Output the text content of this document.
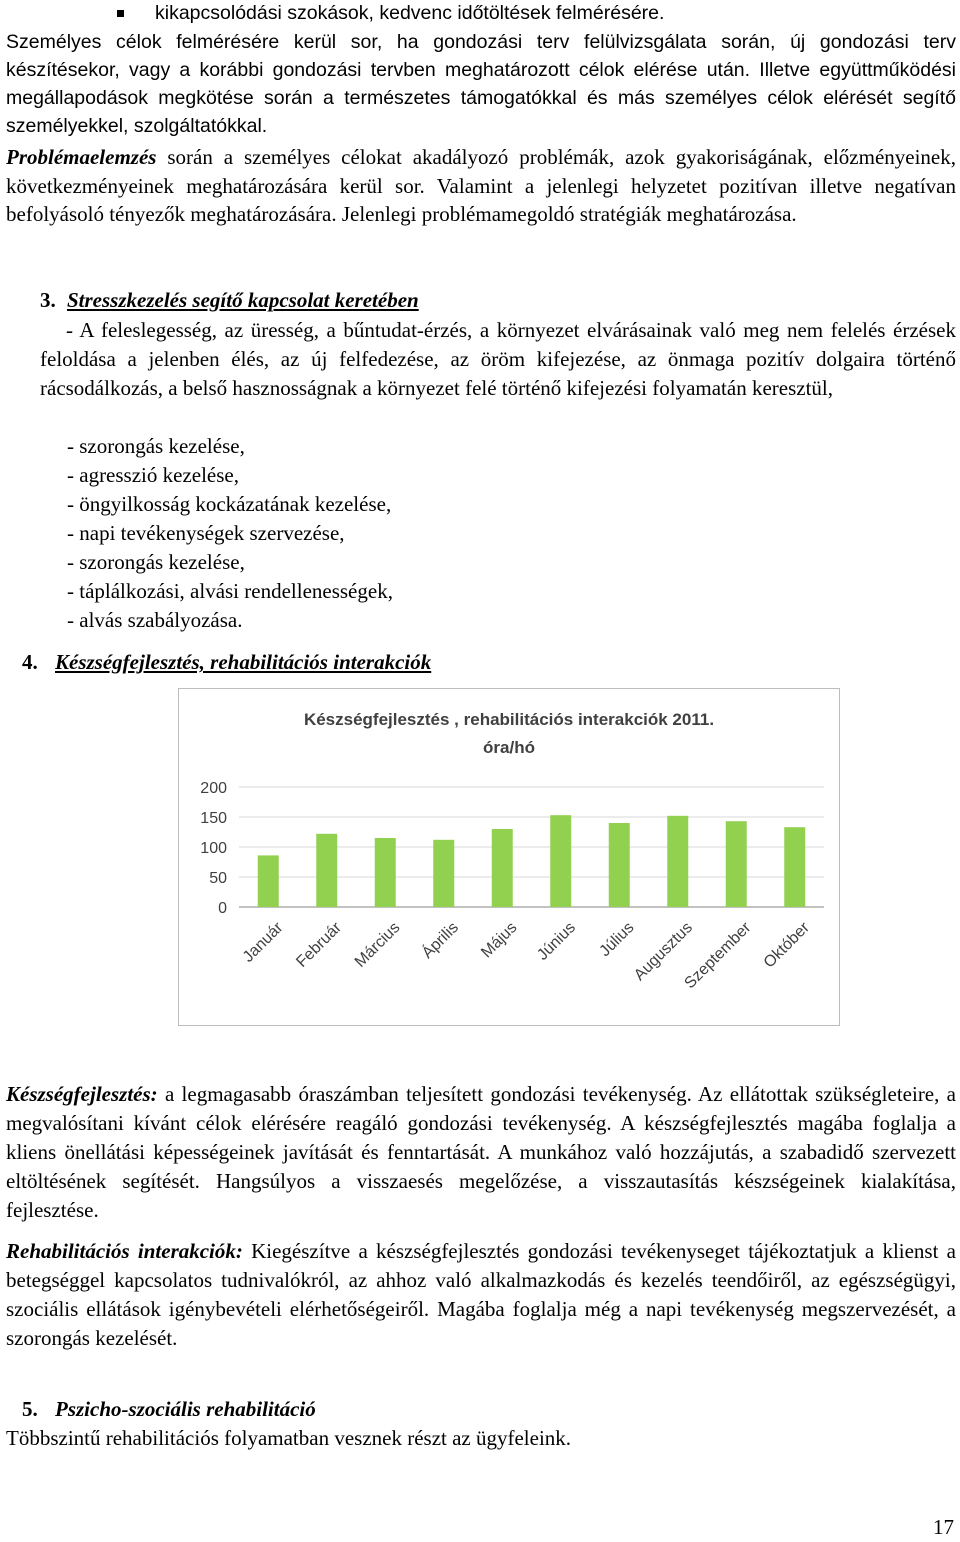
kikapcsolódási szokások, kedvenc időtöltések felmérésére.

Személyes célok felmérésére kerül sor, ha gondozási terv felülvizsgálata során, új gondozási terv készítésekor, vagy a korábbi gondozási tervben meghatározott célok elérése után. Illetve együttműködési megállapodások megkötése során a természetes támogatókkal és más személyes célok elérését segítő személyekkel, szolgáltatókkal.

Problémaelemzés során a személyes célokat akadályozó problémák, azok gyakoriságának, előzményeinek, következményeinek meghatározására kerül sor. Valamint a jelenlegi helyzetet pozitívan illetve negatívan befolyásoló tényezők meghatározására. Jelenlegi problémamegoldó stratégiák meghatározása.

3. Stresszkezelés segítő kapcsolat keretében

- A feleslegesség, az üresség, a bűntudat-érzés, a környezet elvárásainak való meg nem felelés érzések feloldása a jelenben élés, az új felfedezése, az öröm kifejezése, az önmaga pozitív dolgaira történő rácsodálkozás, a belső hasznosságnak a környezet felé történő kifejezési folyamatán keresztül,

- szorongás kezelése,
- agresszió kezelése,
- öngyilkosság kockázatának kezelése,
- napi tevékenységek szervezése,
- szorongás kezelése,
- táplálkozási, alvási rendellenességek,
- alvás szabályozása.
4. Készségfejlesztés, rehabilitációs interakciók
Készségfejlesztés , rehabilitációs interakciók 2011.
óra/hó
200
150
100
50
0
Január Február Március Április Május Június Július
Augusztus
Szeptember Október

Készségfejlesztés: a legmagasabb óraszámban teljesített gondozási tevékenység. Az ellátottak szükségleteire, a megvalósítani kívánt célok elérésére reagáló gondozási tevékenység. A készségfejlesztés magába foglalja a kliens önellátási képességeinek javítását és fenntartását. A munkához való hozzájutás, a szabadidő szervezett eltöltésének segítését. Hangsúlyos a visszaesés megelőzése, a visszautasítás készségeinek kialakítása, fejlesztése.

Rehabilitációs interakciók: Kiegészítve a készségfejlesztés gondozási tevékenyseget tájékoztatjuk a klienst a betegséggel kapcsolatos tudnivalókról, az ahhoz való alkalmazkodás és kezelés teendőiről, az egészségügyi, szociális ellátások igénybevételi elérhetőségeiről. Magába foglalja még a napi tevékenység megszervezését, a szorongás kezelését.

5. Pszicho-szociális rehabilitáció
Többszintű rehabilitációs folyamatban vesznek részt az ügyfeleink.
17
